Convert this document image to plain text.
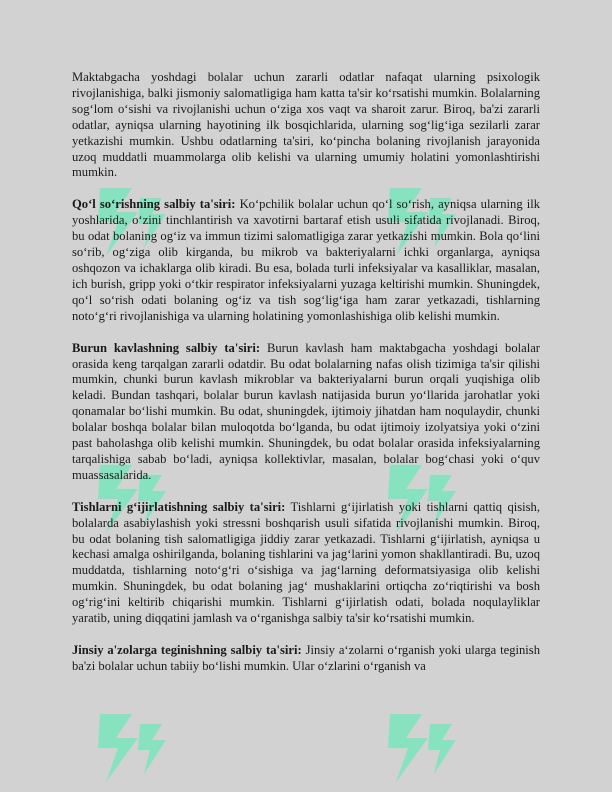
Maktabgacha yoshdagi bolalar uchun zararli odatlar nafaqat ularning psixologik rivojlanishiga, balki jismoniy salomatligiga ham katta ta'sir koʻrsatishi mumkin. Bolalarning sogʻlom oʻsishi va rivojlanishi uchun oʻziga xos vaqt va sharoit zarur. Biroq, ba'zi zararli odatlar, ayniqsa ularning hayotining ilk bosqichlarida, ularning sogʻligʻiga sezilarli zarar yetkazishi mumkin. Ushbu odatlarning ta'siri, koʻpincha bolaning rivojlanish jarayonida uzoq muddatli muammolarga olib kelishi va ularning umumiy holatini yomonlashtirishi mumkin.

Qoʻl soʻrishning salbiy ta'siri: Koʻpchilik bolalar uchun qoʻl soʻrish, ayniqsa ularning ilk yoshlarida, oʻzini tinchlantirish va xavotirni bartaraf etish usuli sifatida rivojlanadi. Biroq, bu odat bolaning ogʻiz va immun tizimi salomatligiga zarar yetkazishi mumkin. Bola qoʻlini soʻrib, ogʻziga olib kirganda, bu mikrob va bakteriyalarni ichki organlarga, ayniqsa oshqozon va ichaklarga olib kiradi. Bu esa, bolada turli infeksiyalar va kasalliklar, masalan, ich burish, gripp yoki oʻtkir respirator infeksiyalarni yuzaga keltirishi mumkin. Shuningdek, qoʻl soʻrish odati bolaning ogʻiz va tish sogʻligʻiga ham zarar yetkazadi, tishlarning notoʻgʻri rivojlanishiga va ularning holatining yomonlashishiga olib kelishi mumkin.

Burun kavlashning salbiy ta'siri: Burun kavlash ham maktabgacha yoshdagi bolalar orasida keng tarqalgan zararli odatdir. Bu odat bolalarning nafas olish tizimiga ta'sir qilishi mumkin, chunki burun kavlash mikroblar va bakteriyalarni burun orqali yuqishiga olib keladi. Bundan tashqari, bolalar burun kavlash natijasida burun yoʻllarida jarohatlar yoki qonamalar boʻlishi mumkin. Bu odat, shuningdek, ijtimoiy jihatdan ham noqulaydir, chunki bolalar boshqa bolalar bilan muloqotda boʻlganda, bu odat ijtimoiy izolyatsiya yoki oʻzini past baholashga olib kelishi mumkin. Shuningdek, bu odat bolalar orasida infeksiyalarning tarqalishiga sabab boʻladi, ayniqsa kollektivlar, masalan, bolalar bogʻchasi yoki oʻquv muassasalarida.

Tishlarni gʻijirlatishning salbiy ta'siri: Tishlarni gʻijirlatish yoki tishlarni qattiq qisish, bolalarda asabiylashish yoki stressni boshqarish usuli sifatida rivojlanishi mumkin. Biroq, bu odat bolaning tish salomatligiga jiddiy zarar yetkazadi. Tishlarni gʻijirlatish, ayniqsa u kechasi amalga oshirilganda, bolaning tishlarini va jagʻlarini yomon shakllantiradi. Bu, uzoq muddatda, tishlarning notoʻgʻri oʻsishiga va jagʻlarning deformatsiyasiga olib kelishi mumkin. Shuningdek, bu odat bolaning jagʻ mushaklarini ortiqcha zoʻriqtirishi va bosh ogʻrigʻini keltirib chiqarishi mumkin. Tishlarni gʻijirlatish odati, bolada noqulayliklar yaratib, uning diqqatini jamlash va oʻrganishga salbiy ta'sir koʻrsatishi mumkin.

Jinsiy a'zolarga teginishning salbiy ta'siri: Jinsiy aʻzolarni oʻrganish yoki ularga teginish ba'zi bolalar uchun tabiiy boʻlishi mumkin. Ular oʻzlarini oʻrganish va
